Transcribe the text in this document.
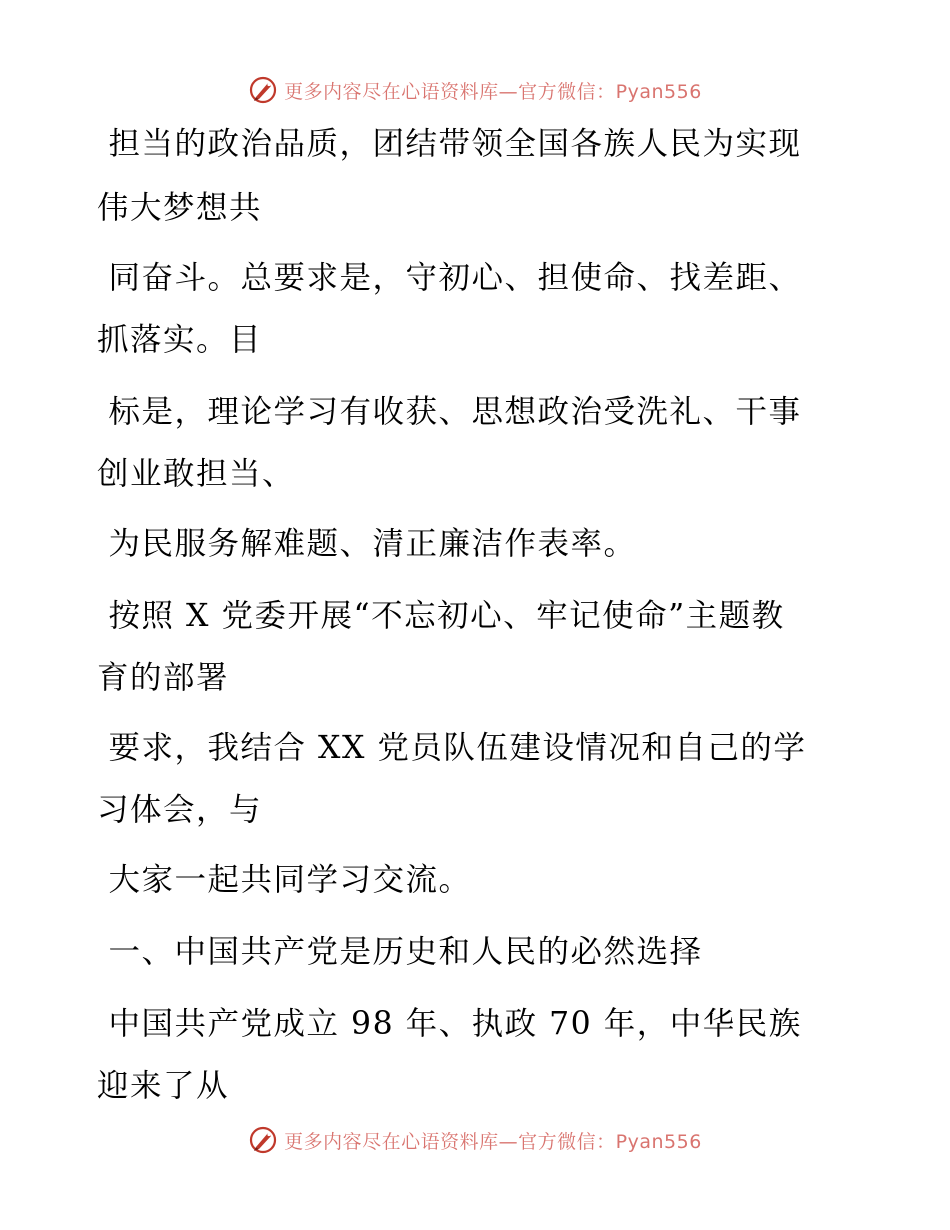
更多内容尽在心语资料库—官方微信：Pyan556
担当的政治品质，团结带领全国各族人民为实现
伟大梦想共
同奋斗。总要求是，守初心、担使命、找差距、
抓落实。目
标是，理论学习有收获、思想政治受洗礼、干事
创业敢担当、
为民服务解难题、清正廉洁作表率。
按照 X 党委开展“不忘初心、牢记使命”主题教
育的部署
要求，我结合 XX 党员队伍建设情况和自己的学
习体会，与
大家一起共同学习交流。
一、中国共产党是历史和人民的必然选择
中国共产党成立 98 年、执政 70 年，中华民族
迎来了从
更多内容尽在心语资料库—官方微信：Pyan556
